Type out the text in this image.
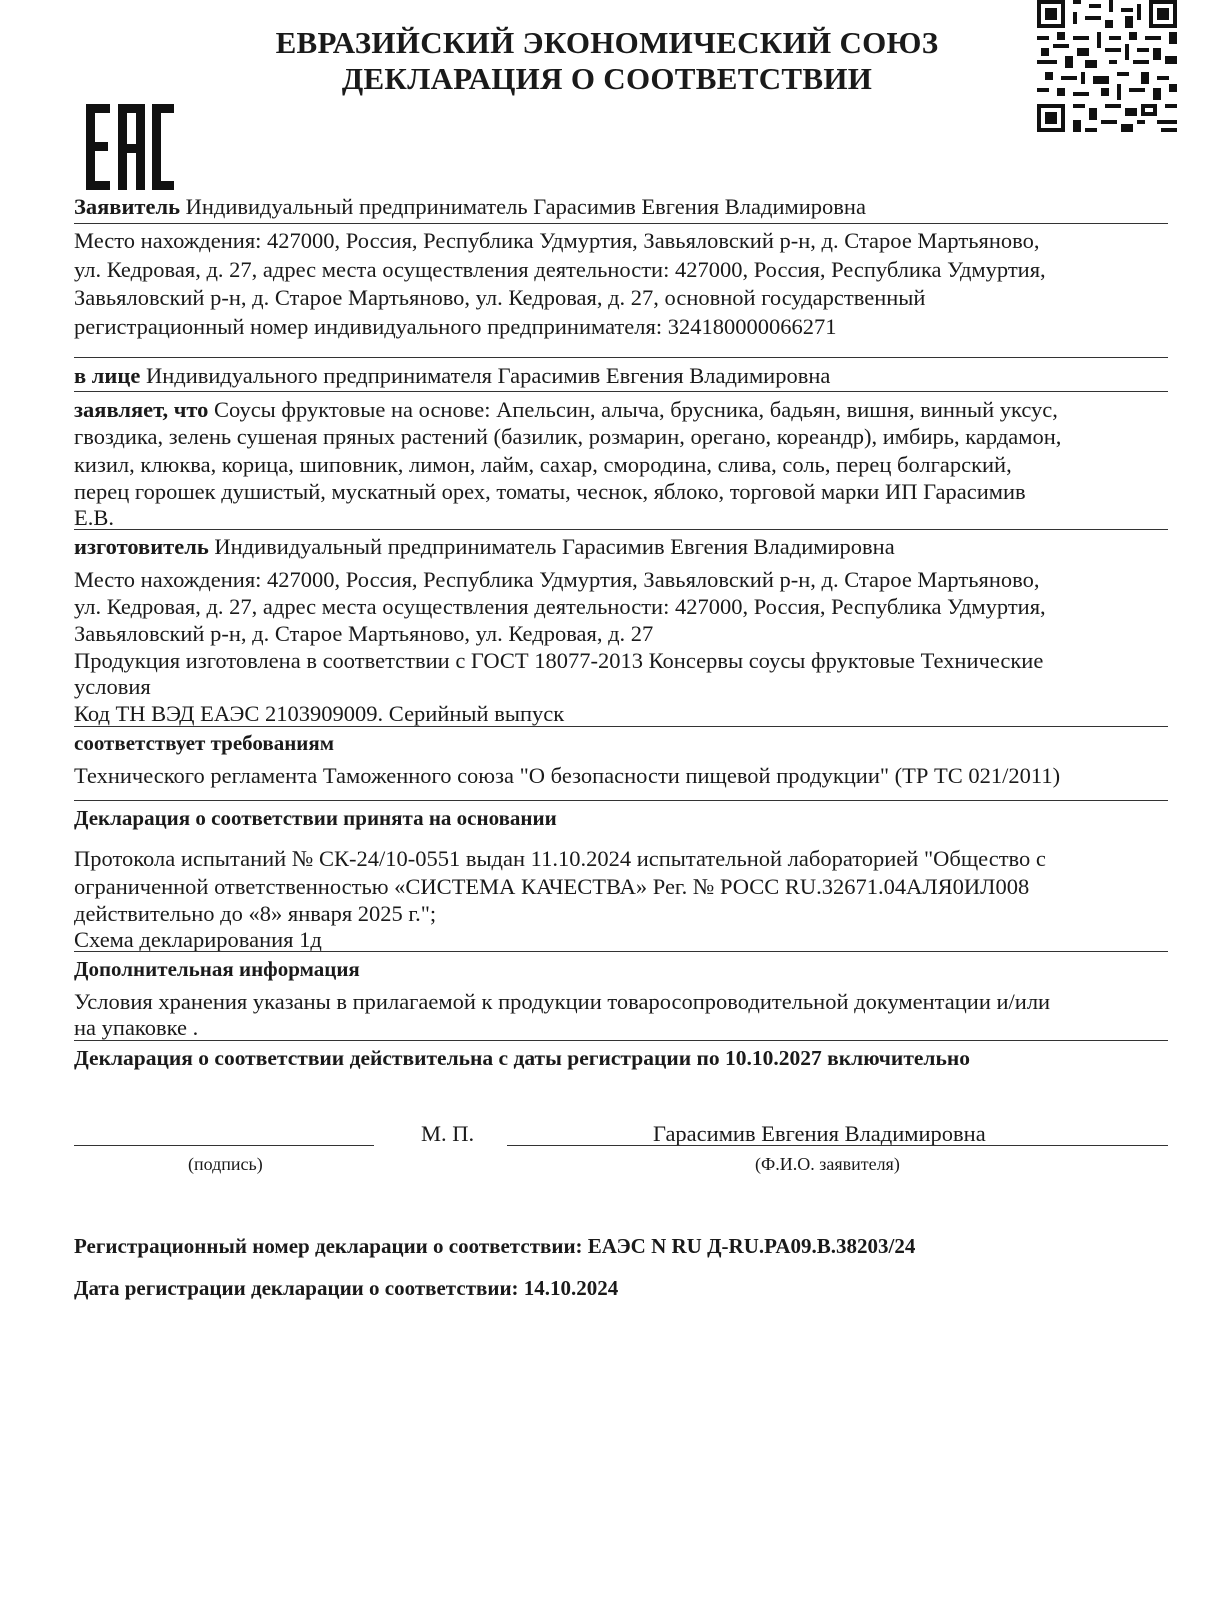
ЕВРАЗИЙСКИЙ ЭКОНОМИЧЕСКИЙ СОЮЗ
ДЕКЛАРАЦИЯ О СООТВЕТСТВИИ
Заявитель Индивидуальный предприниматель Гарасимив Евгения Владимировна
Место нахождения: 427000, Россия, Республика Удмуртия, Завьяловский р-н, д. Старое Мартьяново,
ул. Кедровая, д. 27, адрес места осуществления деятельности: 427000, Россия, Республика Удмуртия,
Завьяловский р-н, д. Старое Мартьяново, ул. Кедровая, д. 27, основной государственный
регистрационный номер индивидуального предпринимателя: 324180000066271
в лице Индивидуального предпринимателя Гарасимив Евгения Владимировна
заявляет, что Соусы фруктовые на основе: Апельсин, алыча, брусника, бадьян, вишня, винный уксус,
гвоздика, зелень сушеная пряных растений (базилик, розмарин, орегано, кореандр), имбирь, кардамон,
кизил, клюква, корица, шиповник, лимон, лайм, сахар, смородина, слива, соль, перец болгарский,
перец горошек душистый, мускатный орех, томаты, чеснок, яблоко, торговой марки ИП Гарасимив
Е.В.
изготовитель Индивидуальный предприниматель Гарасимив Евгения Владимировна
Место нахождения: 427000, Россия, Республика Удмуртия, Завьяловский р-н, д. Старое Мартьяново,
ул. Кедровая, д. 27, адрес места осуществления деятельности: 427000, Россия, Республика Удмуртия,
Завьяловский р-н, д. Старое Мартьяново, ул. Кедровая, д. 27
Продукция изготовлена в соответствии с ГОСТ 18077-2013 Консервы соусы фруктовые Технические
условия
Код ТН ВЭД ЕАЭС 2103909009. Серийный выпуск
соответствует требованиям
Технического регламента Таможенного союза "О безопасности пищевой продукции" (ТР ТС 021/2011)
Декларация о соответствии принята на основании
Протокола испытаний № СК-24/10-0551 выдан 11.10.2024 испытательной лабораторией "Общество с
ограниченной ответственностью «СИСТЕМА КАЧЕСТВА» Рег. № РОСС RU.32671.04АЛЯ0ИЛ008
действительно до «8» января 2025 г.";
Схема декларирования 1д
Дополнительная информация
Условия хранения указаны в прилагаемой к продукции товаросопроводительной документации и/или
на упаковке .
Декларация о соответствии действительна с даты регистрации по 10.10.2027 включительно
М. П.	Гарасимив Евгения Владимировна
(подпись)	(Ф.И.О. заявителя)
Регистрационный номер декларации о соответствии: ЕАЭС N RU Д-RU.PA09.B.38203/24
Дата регистрации декларации о соответствии: 14.10.2024
